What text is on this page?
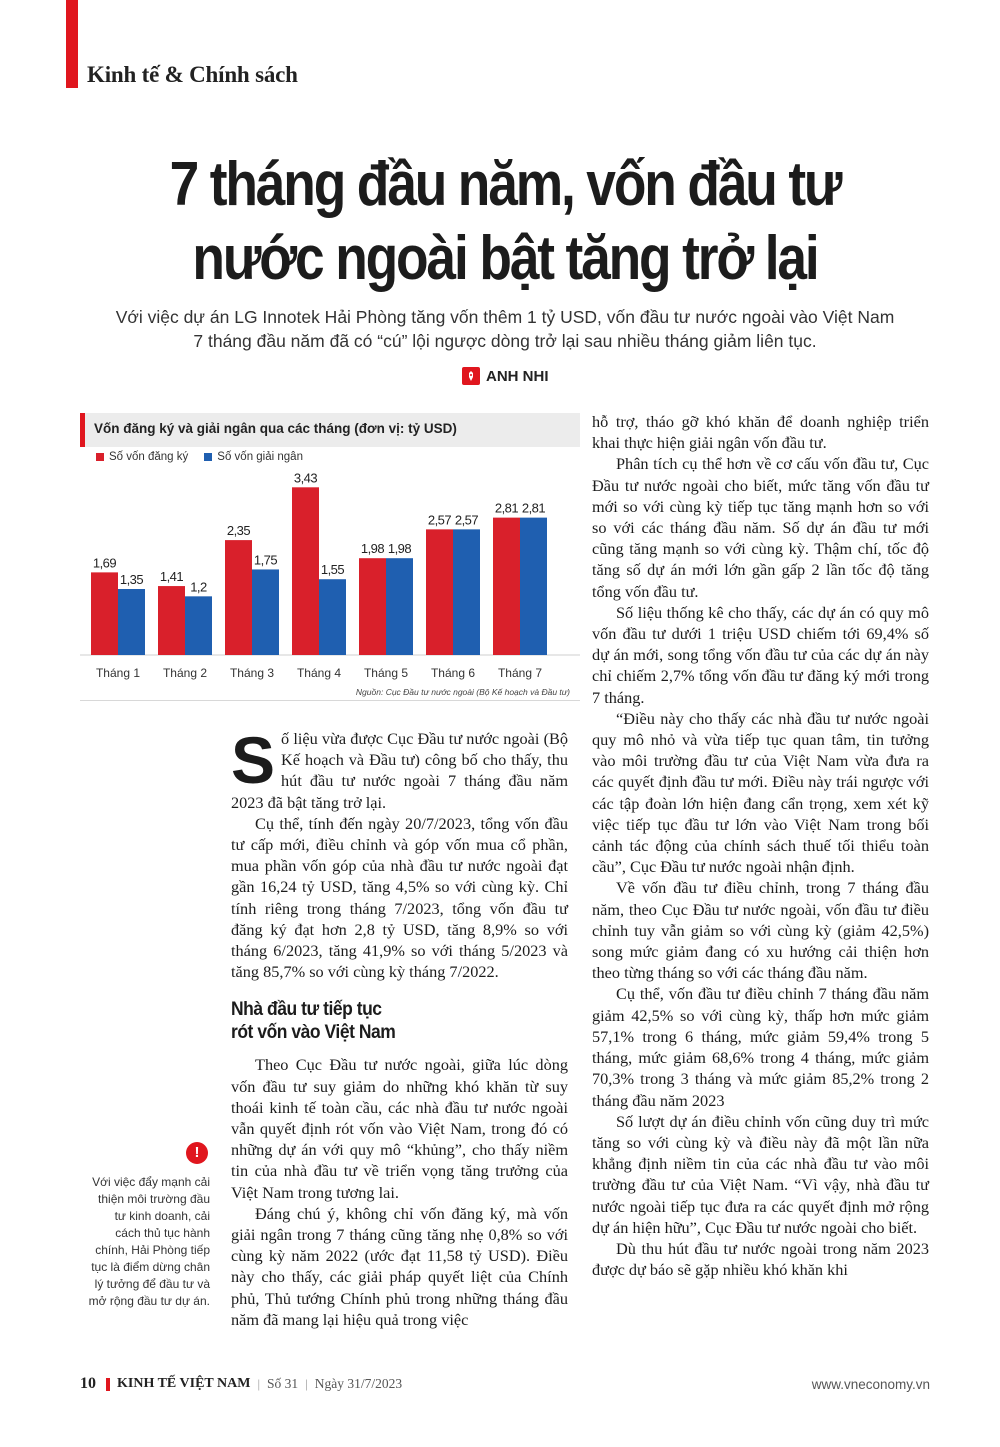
Kinh tế & Chính sách
7 tháng đầu năm, vốn đầu tư
nước ngoài bật tăng trở lại
Với việc dự án LG Innotek Hải Phòng tăng vốn thêm 1 tỷ USD, vốn đầu tư nước ngoài vào Việt Nam
7 tháng đầu năm đã có “cú” lội ngược dòng trở lại sau nhiều tháng giảm liên tục.
ANH NHI
Vốn đăng ký và giải ngân qua các tháng (đơn vị: tỷ USD)
Số vốn đăng ký	Số vốn giải ngân
1,69
1,35
Tháng 1
1,41
1,2
Tháng 2
2,35
1,75
Tháng 3
3,43
1,55
Tháng 4
1,98 1,98
Tháng 5
2,57 2,57
Tháng 6
2,81 2,81
Tháng 7
Nguồn: Cục Đầu tư nước ngoài (Bộ Kế hoạch và Đầu tư)

Số liệu vừa được Cục Đầu tư nước ngoài (Bộ Kế hoạch và Đầu tư) công bố cho thấy, thu hút đầu tư nước ngoài 7 tháng đầu năm 2023 đã bật tăng trở lại.

Cụ thể, tính đến ngày 20/7/2023, tổng vốn đầu tư cấp mới, điều chỉnh và góp vốn mua cổ phần, mua phần vốn góp của nhà đầu tư nước ngoài đạt gần 16,24 tỷ USD, tăng 4,5% so với cùng kỳ. Chỉ tính riêng trong tháng 7/2023, tổng vốn đầu tư đăng ký đạt hơn 2,8 tỷ USD, tăng 8,9% so với tháng 6/2023, tăng 41,9% so với tháng 5/2023 và tăng 85,7% so với cùng kỳ tháng 7/2022.

Nhà đầu tư tiếp tục
rót vốn vào Việt Nam

Theo Cục Đầu tư nước ngoài, giữa lúc dòng vốn đầu tư suy giảm do những khó khăn từ suy thoái kinh tế toàn cầu, các nhà đầu tư nước ngoài vẫn quyết định rót vốn vào Việt Nam, trong đó có những dự án với quy mô “khủng”, cho thấy niềm tin của nhà đầu tư về triển vọng tăng trưởng của Việt Nam trong tương lai.

Đáng chú ý, không chỉ vốn đăng ký, mà vốn giải ngân trong 7 tháng cũng tăng nhẹ 0,8% so với cùng kỳ năm 2022 (ước đạt 11,58 tỷ USD). Điều này cho thấy, các giải pháp quyết liệt của Chính phủ, Thủ tướng Chính phủ trong những tháng đầu năm đã mang lại hiệu quả trong việc

hỗ trợ, tháo gỡ khó khăn để doanh nghiệp triển khai thực hiện giải ngân vốn đầu tư.

Phân tích cụ thể hơn về cơ cấu vốn đầu tư, Cục Đầu tư nước ngoài cho biết, mức tăng vốn đầu tư mới so với cùng kỳ tiếp tục tăng mạnh hơn so với so với các tháng đầu năm. Số dự án đầu tư mới cũng tăng mạnh so với cùng kỳ. Thậm chí, tốc độ tăng số dự án mới lớn gần gấp 2 lần tốc độ tăng tổng vốn đầu tư.

Số liệu thống kê cho thấy, các dự án có quy mô vốn đầu tư dưới 1 triệu USD chiếm tới 69,4% số dự án mới, song tổng vốn đầu tư của các dự án này chỉ chiếm 2,7% tổng vốn đầu tư đăng ký mới trong 7 tháng.

“Điều này cho thấy các nhà đầu tư nước ngoài quy mô nhỏ và vừa tiếp tục quan tâm, tin tưởng vào môi trường đầu tư của Việt Nam vừa đưa ra các quyết định đầu tư mới. Điều này trái ngược với các tập đoàn lớn hiện đang cẩn trọng, xem xét kỹ việc tiếp tục đầu tư lớn vào Việt Nam trong bối cảnh tác động của chính sách thuế tối thiểu toàn cầu”, Cục Đầu tư nước ngoài nhận định.

Về vốn đầu tư điều chỉnh, trong 7 tháng đầu năm, theo Cục Đầu tư nước ngoài, vốn đầu tư điều chỉnh tuy vẫn giảm so với cùng kỳ (giảm 42,5%) song mức giảm đang có xu hướng cải thiện hơn theo từng tháng so với các tháng đầu năm.

Cụ thể, vốn đầu tư điều chỉnh 7 tháng đầu năm giảm 42,5% so với cùng kỳ, thấp hơn mức giảm 57,1% trong 6 tháng, mức giảm 59,4% trong 5 tháng, mức giảm 68,6% trong 4 tháng, mức giảm 70,3% trong 3 tháng và mức giảm 85,2% trong 2 tháng đầu năm 2023

Số lượt dự án điều chỉnh vốn cũng duy trì mức tăng so với cùng kỳ và điều này đã một lần nữa khẳng định niềm tin của các nhà đầu tư vào môi trường đầu tư của Việt Nam. “Vì vậy, nhà đầu tư nước ngoài tiếp tục đưa ra các quyết định mở rộng dự án hiện hữu”, Cục Đầu tư nước ngoài cho biết.

Dù thu hút đầu tư nước ngoài trong năm 2023 được dự báo sẽ gặp nhiều khó khăn khi

!
Với việc đẩy mạnh cải thiện môi trường đầu tư kinh doanh, cải cách thủ tục hành chính, Hải Phòng tiếp tục là điểm dừng chân lý tưởng để đầu tư và mở rộng đầu tư dự án.
10 KINH TẾ VIỆT NAM | Số 31 | Ngày 31/7/2023	www.vneconomy.vn
